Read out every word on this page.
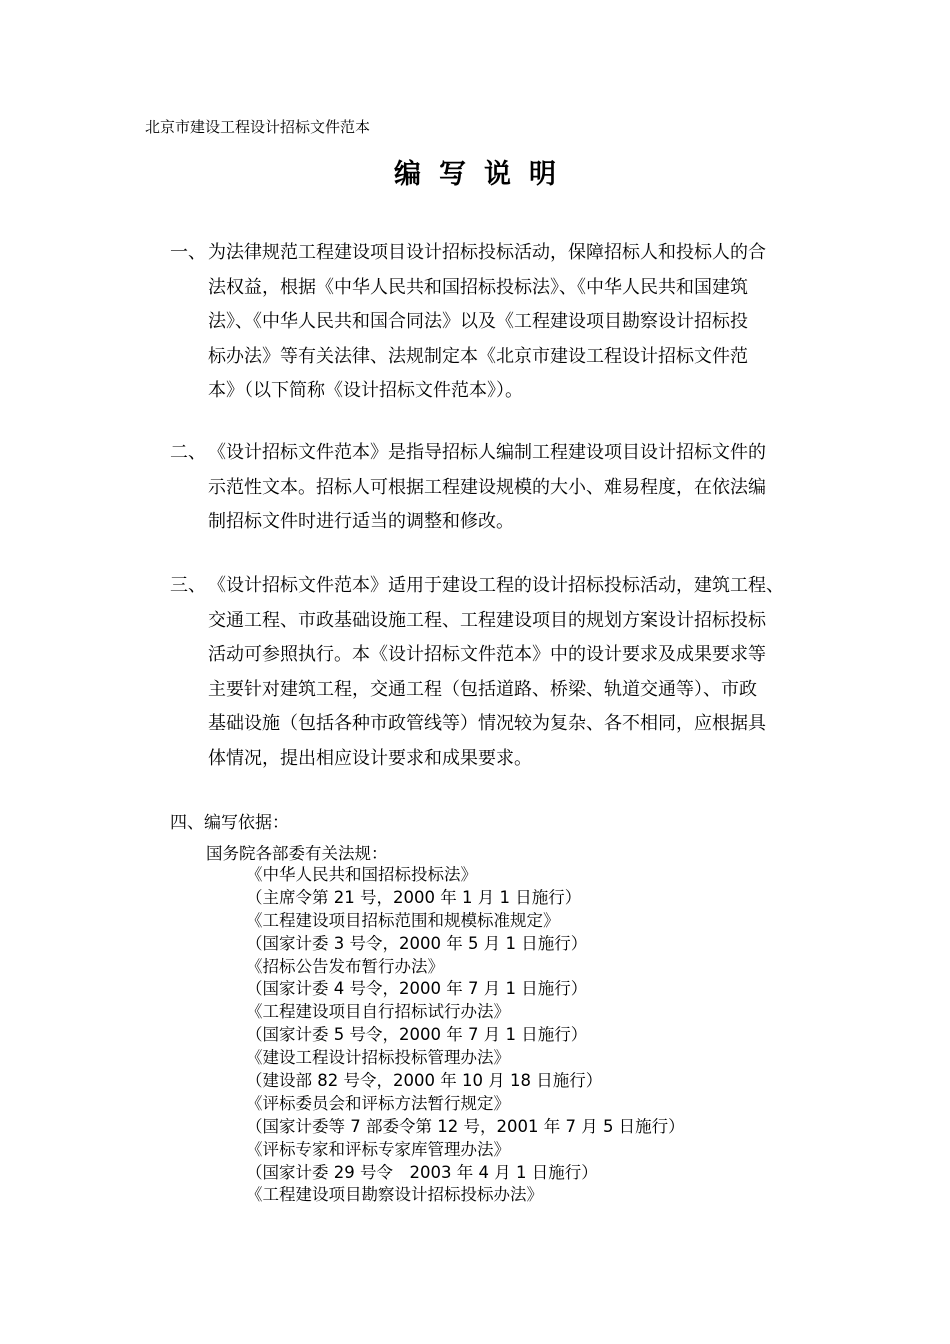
北京市建设工程设计招标文件范本
编 写 说 明
一、 为法律规范工程建设项目设计招标投标活动，保障招标人和投标人的合
法权益，根据《中华人民共和国招标投标法》、《中华人民共和国建筑
法》、《中华人民共和国合同法》以及《工程建设项目勘察设计招标投
标办法》等有关法律、法规制定本《北京市建设工程设计招标文件范
本》（以下简称《设计招标文件范本》）。
二、 《设计招标文件范本》是指导招标人编制工程建设项目设计招标文件的
示范性文本。招标人可根据工程建设规模的大小、难易程度，在依法编
制招标文件时进行适当的调整和修改。
三、 《设计招标文件范本》适用于建设工程的设计招标投标活动，建筑工程、
交通工程、市政基础设施工程、工程建设项目的规划方案设计招标投标
活动可参照执行。本《设计招标文件范本》中的设计要求及成果要求等
主要针对建筑工程，交通工程（包括道路、桥梁、轨道交通等）、市政
基础设施（包括各种市政管线等）情况较为复杂、各不相同，应根据具
体情况，提出相应设计要求和成果要求。
四、编写依据：
国务院各部委有关法规：
《中华人民共和国招标投标法》
（主席令第 21 号，2000 年 1 月 1 日施行）
《工程建设项目招标范围和规模标准规定》
（国家计委 3 号令，2000 年 5 月 1 日施行）
《招标公告发布暂行办法》
（国家计委 4 号令，2000 年 7 月 1 日施行）
《工程建设项目自行招标试行办法》
（国家计委 5 号令，2000 年 7 月 1 日施行）
《建设工程设计招标投标管理办法》
（建设部 82 号令，2000 年 10 月 18 日施行）
《评标委员会和评标方法暂行规定》
（国家计委等 7 部委令第 12 号，2001 年 7 月 5 日施行）
《评标专家和评标专家库管理办法》
（国家计委 29 号令　2003 年 4 月 1 日施行）
《工程建设项目勘察设计招标投标办法》
